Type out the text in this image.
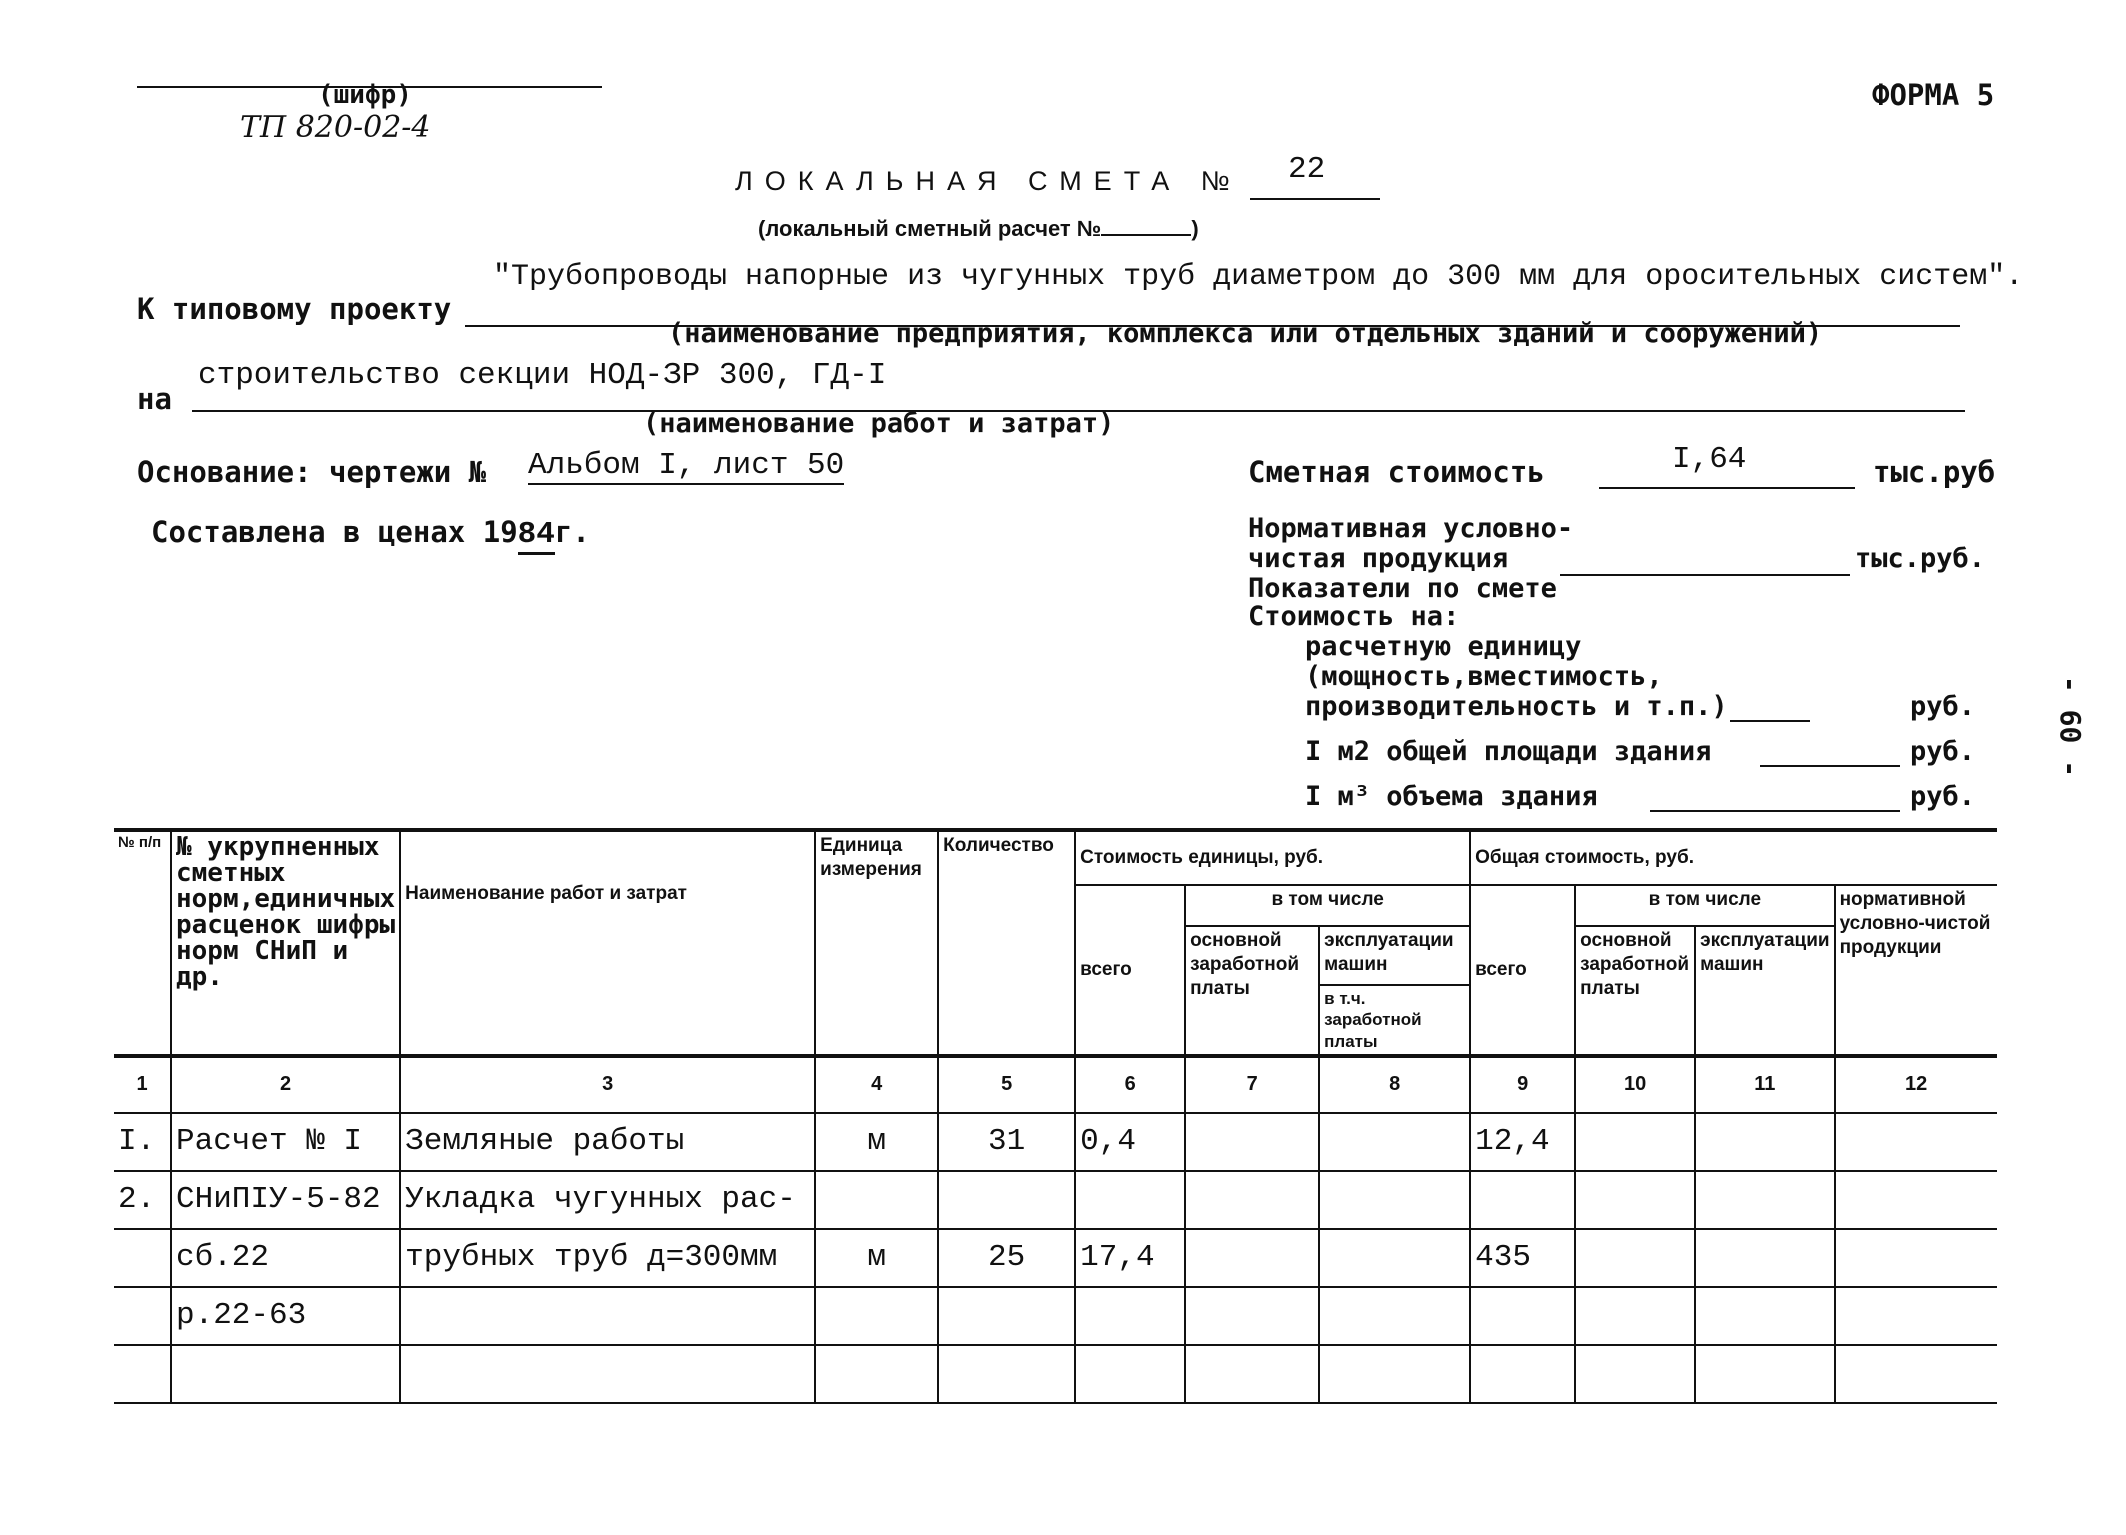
(шифр)
ТП 820-02-4
ФОРМА 5
ЛОКАЛЬНАЯ СМЕТА № 22
(локальный сметный расчет №	)
К типовому проекту
"Трубопроводы напорные из чугунных труб диаметром до 300 мм для оросительных систем".
(наименование предприятия, комплекса или отдельных зданий и сооружений)
на
строительство секции НОД-ЗР 300, ГД-I
(наименование работ и затрат)
Основание: чертежи № Альбом I, лист 50
Составлена в ценах 1984г.
Сметная стоимость	I,64	тыс.руб
Нормативная условно-
чистая продукция	тыс.руб.
Показатели по смете
Стоимость на:
расчетную единицу
(мощность,вместимость,
производительность и т.п.)	руб.
I м2 общей площади здания	руб.
I м³ объема здания	руб.
- 60 -
№ п/п	№ укрупненных сметных норм,единичных расценок шифры норм СНиП и др.	Наименование работ и затрат	Единица измерения	Количество	Стоимость единицы, руб.			Общая стоимость, руб.			
					всего	в том числе		всего	в том числе		нормативной условно-чистой продукции
						основной заработной платы	эксплуатации машин		основной заработной платы	эксплуатации машин	
							в т.ч. заработной платы				
1	2	3	4	5	6	7	8	9	10	11	12
I.	Расчет № I	Земляные работы	м	31	0,4			12,4			
2.	СНиПIУ-5-82	Укладка чугунных рас-									
	сб.22	трубных труб д=300мм	м	25	17,4			435			
	р.22-63										
